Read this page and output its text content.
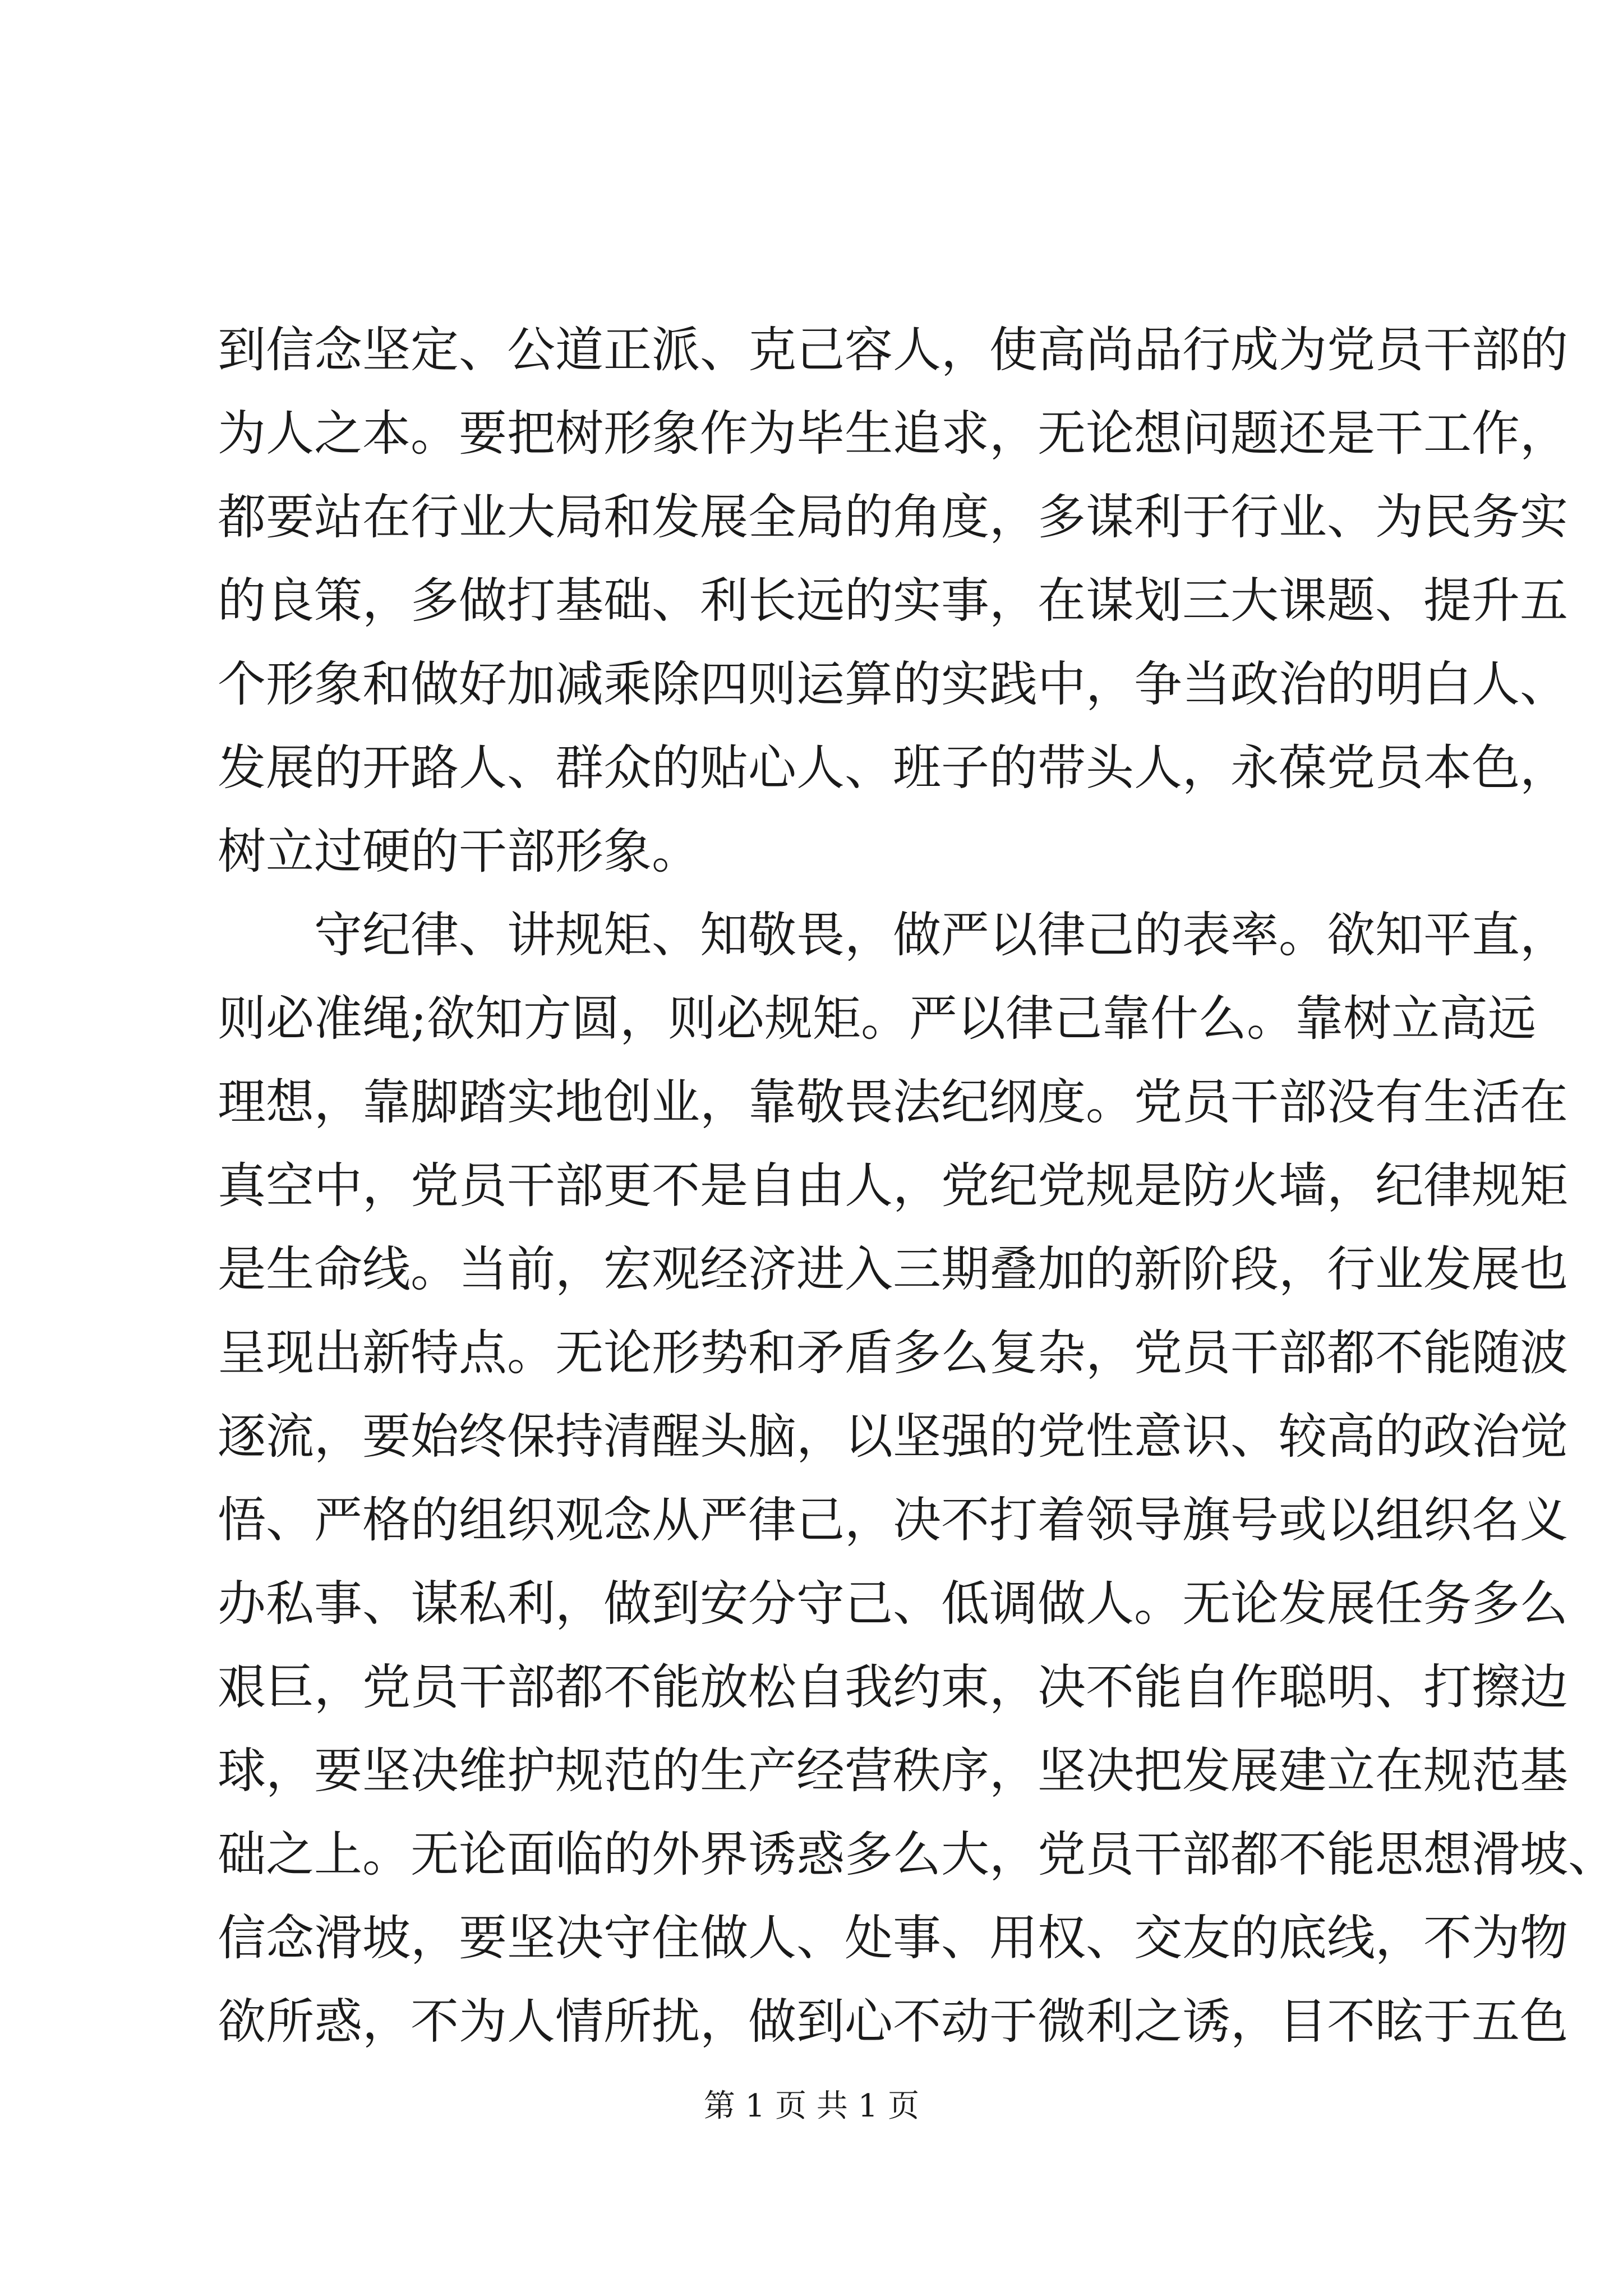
到信念坚定、公道正派、克己容人，使高尚品行成为党员干部的
为人之本。要把树形象作为毕生追求，无论想问题还是干工作，
都要站在行业大局和发展全局的角度，多谋利于行业、为民务实
的良策，多做打基础、利长远的实事，在谋划三大课题、提升五
个形象和做好加减乘除四则运算的实践中，争当政治的明白人、
发展的开路人、群众的贴心人、班子的带头人，永葆党员本色，
树立过硬的干部形象。
守纪律、讲规矩、知敬畏，做严以律己的表率。欲知平直，
则必准绳;欲知方圆，则必规矩。严以律己靠什么。靠树立高远
理想，靠脚踏实地创业，靠敬畏法纪纲度。党员干部没有生活在
真空中，党员干部更不是自由人，党纪党规是防火墙，纪律规矩
是生命线。当前，宏观经济进入三期叠加的新阶段，行业发展也
呈现出新特点。无论形势和矛盾多么复杂，党员干部都不能随波
逐流，要始终保持清醒头脑，以坚强的党性意识、较高的政治觉
悟、严格的组织观念从严律己，决不打着领导旗号或以组织名义
办私事、谋私利，做到安分守己、低调做人。无论发展任务多么
艰巨，党员干部都不能放松自我约束，决不能自作聪明、打擦边
球，要坚决维护规范的生产经营秩序，坚决把发展建立在规范基
础之上。无论面临的外界诱惑多么大，党员干部都不能思想滑坡、
信念滑坡，要坚决守住做人、处事、用权、交友的底线，不为物
欲所惑，不为人情所扰，做到心不动于微利之诱，目不眩于五色
第 1 页 共 1 页
